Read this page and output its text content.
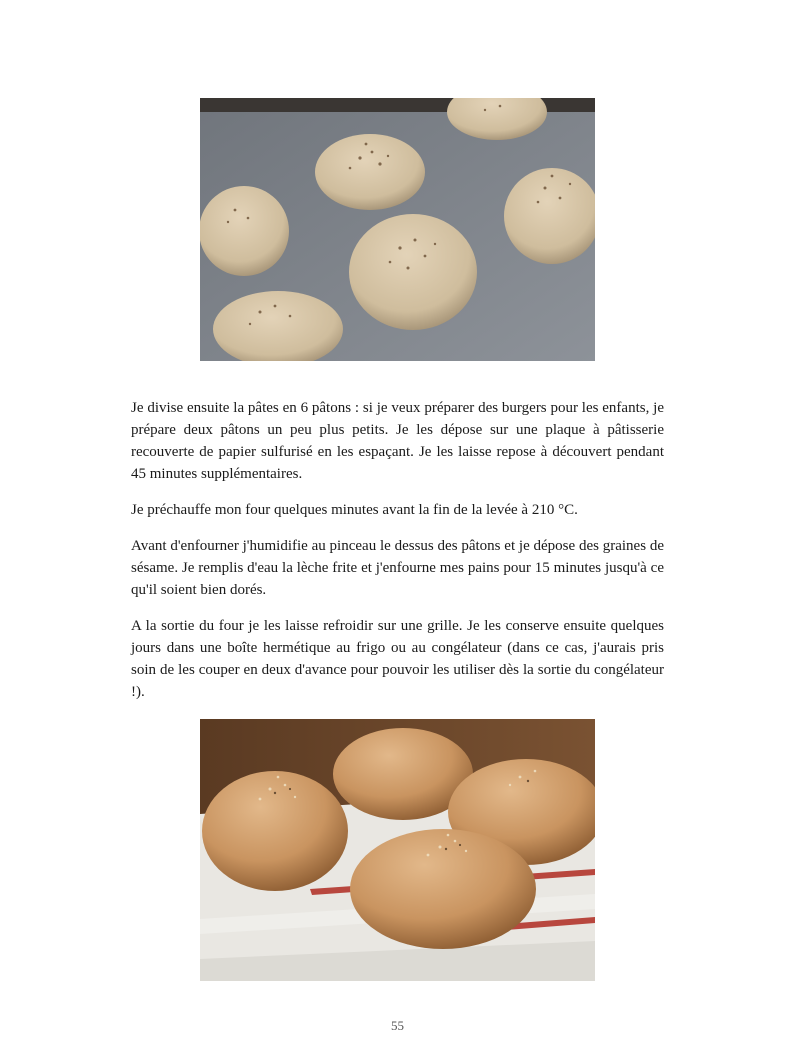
Je divise ensuite la pâtes en 6 pâtons : si je veux préparer des burgers pour les enfants, je prépare deux pâtons un peu plus petits. Je les dépose sur une plaque à pâtisserie recouverte de papier sulfurisé en les espaçant. Je les laisse repose à découvert pendant 45 minutes supplémentaires.

Je préchauffe mon four quelques minutes avant la fin de la levée à 210 °C.

Avant d'enfourner j'humidifie au pinceau le dessus des pâtons et je dépose des graines de sésame. Je remplis d'eau la lèche frite et j'enfourne mes pains pour 15 minutes jusqu'à ce qu'il soient bien dorés.

A la sortie du four je les laisse refroidir sur une grille. Je les conserve ensuite quelques jours dans une boîte hermétique au frigo ou au congélateur (dans ce cas, j'aurais pris soin de les couper en deux d'avance pour pouvoir les utiliser dès la sortie du congélateur !).

55
